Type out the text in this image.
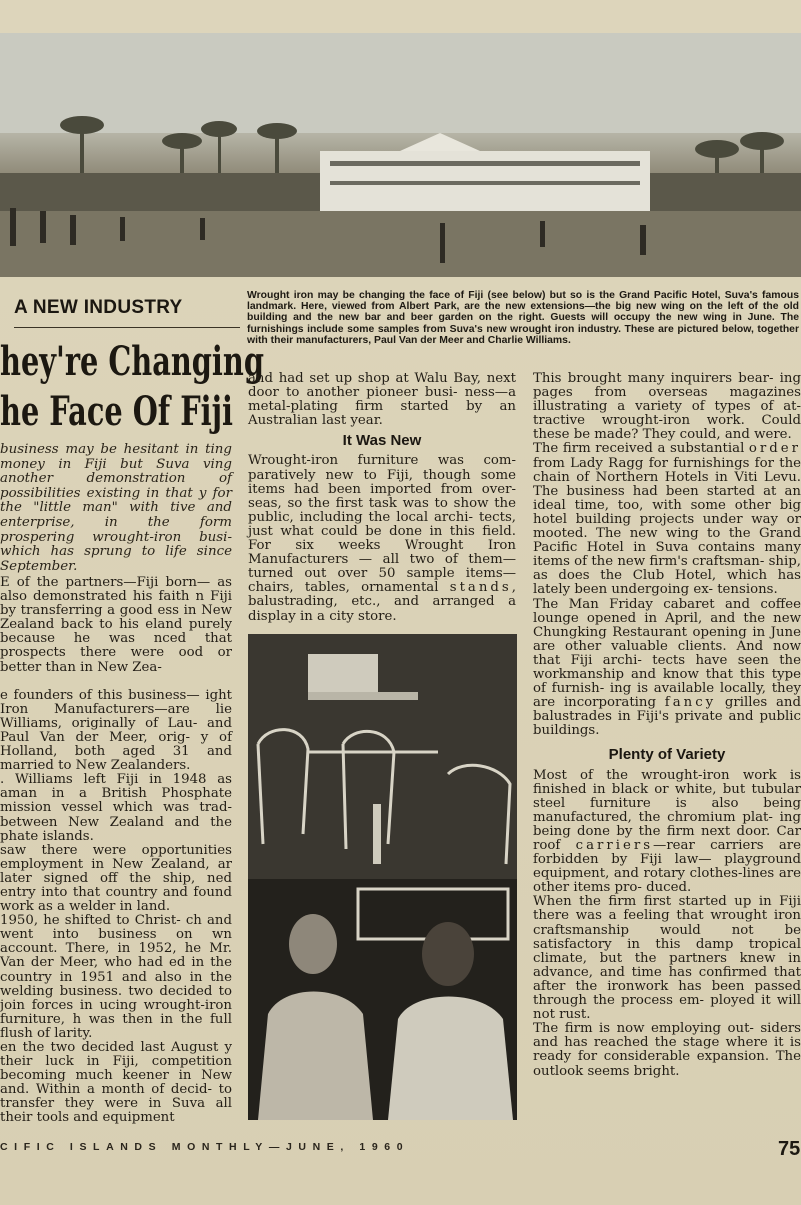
Wrought iron may be changing the face of Fiji (see below) but so is the Grand Pacific Hotel, Suva's famous landmark. Here, viewed from Albert Park, are the new extensions—the big new wing on the left of the old building and the new bar and beer garden on the right. Guests will occupy the new wing in June. The furnishings include some samples from Suva's new wrought iron industry. These are pictured below, together with their manufacturers, Paul Van der Meer and Charlie Williams.
A NEW INDUSTRY
hey're Changing
he Face Of Fiji

business may be hesitant in ting money in Fiji but Suva ving another demonstration of possibilities existing in that y for the "little man" with tive and enterprise, in the form prospering wrought-iron busi- which has sprung to life since September.

E of the partners—Fiji born— as also demonstrated his faith n Fiji by transferring a good ess in New Zealand back to his eland purely because he was nced that prospects there were ood or better than in New Zea-

e founders of this business— ight Iron Manufacturers—are lie Williams, originally of Lau- and Paul Van der Meer, orig- y of Holland, both aged 31 and married to New Zealanders.

. Williams left Fiji in 1948 as aman in a British Phosphate mission vessel which was trad- between New Zealand and the phate islands.

saw there were opportunities employment in New Zealand, ar later signed off the ship, ned entry into that country and found work as a welder in land.

1950, he shifted to Christ- ch and went into business on wn account. There, in 1952, he Mr. Van der Meer, who had ed in the country in 1951 and also in the welding business. two decided to join forces in ucing wrought-iron furniture, h was then in the full flush of larity.

en the two decided last August y their luck in Fiji, competition becoming much keener in New and. Within a month of decid- to transfer they were in Suva all their tools and equipment

and had set up shop at Walu Bay, next door to another pioneer busi- ness—a metal-plating firm started by an Australian last year.

It Was New

Wrought-iron furniture was com- paratively new to Fiji, though some items had been imported from over- seas, so the first task was to show the public, including the local archi- tects, just what could be done in this field. For six weeks Wrought Iron Manufacturers — all two of them—turned out over 50 sample items—chairs, tables, ornamental stands, balustrading, etc., and arranged a display in a city store.

This brought many inquirers bear- ing pages from overseas magazines illustrating a variety of types of at- tractive wrought-iron work. Could these be made? They could, and were.

The firm received a substantial order from Lady Ragg for furnishings for the chain of Northern Hotels in Viti Levu. The business had been started at an ideal time, too, with some other big hotel building projects under way or mooted. The new wing to the Grand Pacific Hotel in Suva contains many items of the new firm's craftsman- ship, as does the Club Hotel, which has lately been undergoing ex- tensions.

The Man Friday cabaret and coffee lounge opened in April, and the new Chungking Restaurant opening in June are other valuable clients. And now that Fiji archi- tects have seen the workmanship and know that this type of furnish- ing is available locally, they are incorporating fancy grilles and balustrades in Fiji's private and public buildings.

Plenty of Variety

Most of the wrought-iron work is finished in black or white, but tubular steel furniture is also being manufactured, the chromium plat- ing being done by the firm next door. Car roof carriers—rear carriers are forbidden by Fiji law— playground equipment, and rotary clothes-lines are other items pro- duced.

When the firm first started up in Fiji there was a feeling that wrought iron craftsmanship would not be satisfactory in this damp tropical climate, but the partners knew in advance, and time has confirmed that after the ironwork has been passed through the process em- ployed it will not rust.

The firm is now employing out- siders and has reached the stage where it is ready for considerable expansion. The outlook seems bright.

CIFIC ISLANDS MONTHLY—JUNE, 1960	75
